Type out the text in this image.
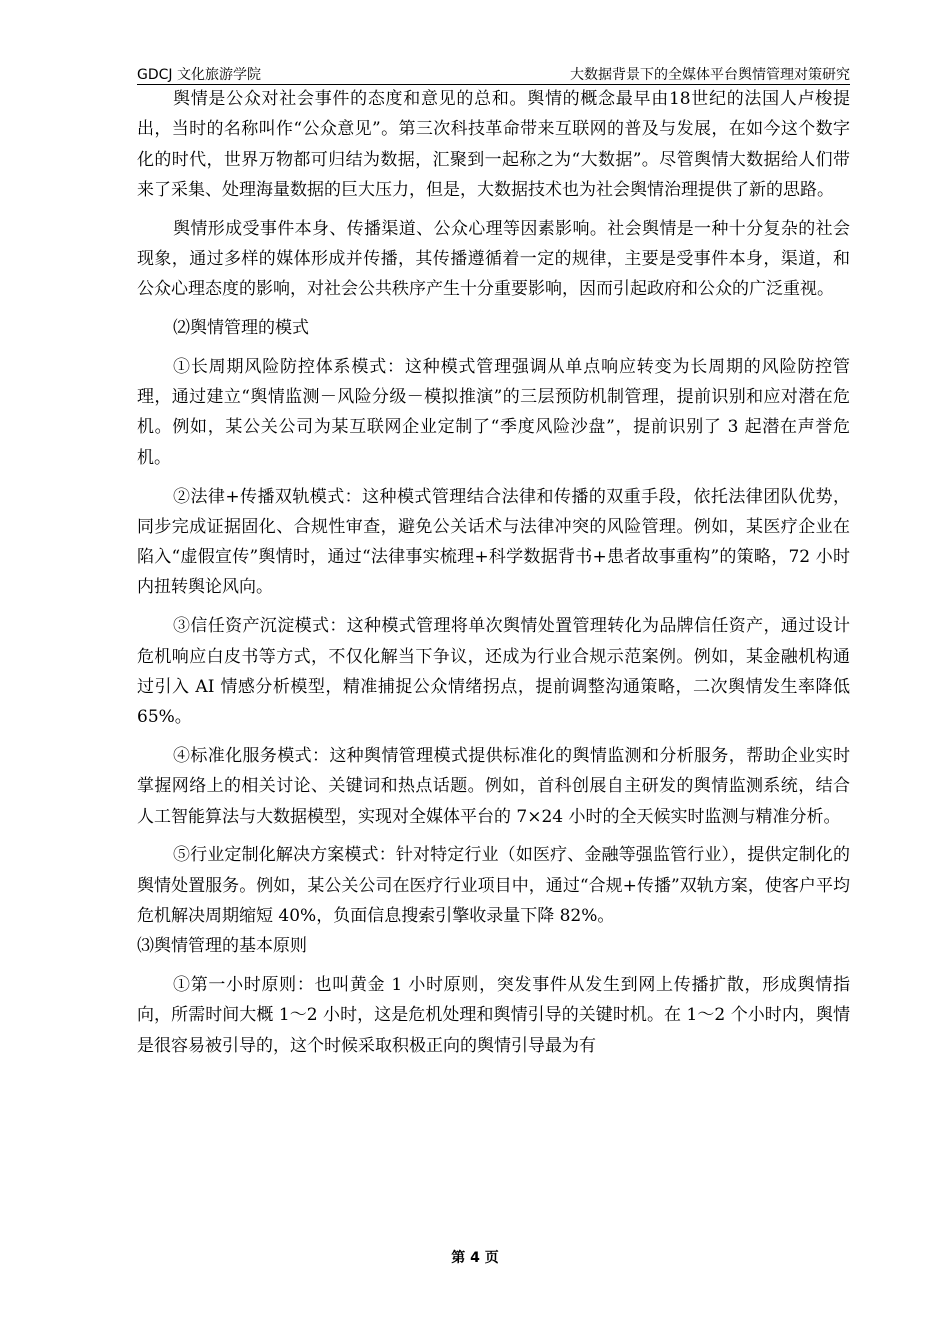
GDCJ 文化旅游学院	大数据背景下的全媒体平台舆情管理对策研究

舆情是公众对社会事件的态度和意见的总和。舆情的概念最早由18世纪的法国人卢梭提出，当时的名称叫作“公众意见”。第三次科技革命带来互联网的普及与发展，在如今这个数字化的时代，世界万物都可归结为数据，汇聚到一起称之为“大数据”。尽管舆情大数据给人们带来了采集、处理海量数据的巨大压力，但是，大数据技术也为社会舆情治理提供了新的思路。

舆情形成受事件本身、传播渠道、公众心理等因素影响。社会舆情是一种十分复杂的社会现象，通过多样的媒体形成并传播，其传播遵循着一定的规律，主要是受事件本身，渠道，和公众心理态度的影响，对社会公共秩序产生十分重要影响，因而引起政府和公众的广泛重视。

⑵舆情管理的模式

①长周期风险防控体系模式：这种模式管理强调从单点响应转变为长周期的风险防控管理，通过建立“舆情监测－风险分级－模拟推演”的三层预防机制管理，提前识别和应对潜在危机。例如，某公关公司为某互联网企业定制了“季度风险沙盘”，提前识别了 3 起潜在声誉危机。

②法律+传播双轨模式：这种模式管理结合法律和传播的双重手段，依托法律团队优势，同步完成证据固化、合规性审查，避免公关话术与法律冲突的风险管理。例如，某医疗企业在陷入“虚假宣传”舆情时，通过“法律事实梳理+科学数据背书+患者故事重构”的策略，72 小时内扭转舆论风向。

③信任资产沉淀模式：这种模式管理将单次舆情处置管理转化为品牌信任资产，通过设计危机响应白皮书等方式，不仅化解当下争议，还成为行业合规示范案例。例如，某金融机构通过引入 AI 情感分析模型，精准捕捉公众情绪拐点，提前调整沟通策略，二次舆情发生率降低 65%。

④标准化服务模式：这种舆情管理模式提供标准化的舆情监测和分析服务，帮助企业实时掌握网络上的相关讨论、关键词和热点话题。例如，首科创展自主研发的舆情监测系统，结合人工智能算法与大数据模型，实现对全媒体平台的 7×24 小时的全天候实时监测与精准分析。

⑤行业定制化解决方案模式：针对特定行业（如医疗、金融等强监管行业），提供定制化的舆情处置服务。例如，某公关公司在医疗行业项目中，通过“合规+传播”双轨方案，使客户平均危机解决周期缩短 40%，负面信息搜索引擎收录量下降 82%。

⑶舆情管理的基本原则

①第一小时原则：也叫黄金 1 小时原则，突发事件从发生到网上传播扩散，形成舆情指向，所需时间大概 1～2 小时，这是危机处理和舆情引导的关键时机。在 1～2 个小时内，舆情是很容易被引导的，这个时候采取积极正向的舆情引导最为有

第 4 页
